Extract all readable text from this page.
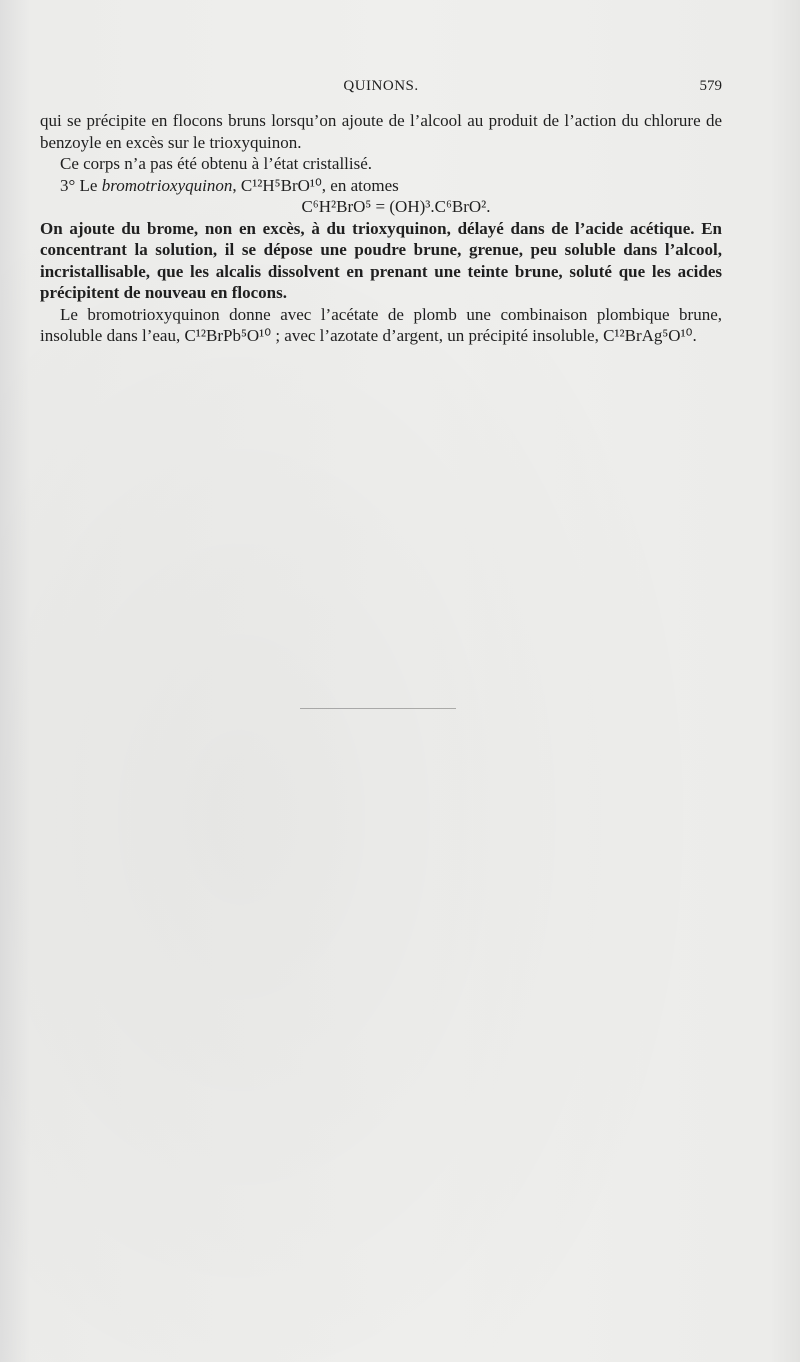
QUINONS.	579

qui se précipite en flocons bruns lorsqu’on ajoute de l’alcool au produit de l’action du chlorure de benzoyle en excès sur le trioxyquinon.

Ce corps n’a pas été obtenu à l’état cristallisé.

3° Le bromotrioxyquinon, C¹²H⁵BrO¹⁰, en atomes

C⁶H²BrO⁵ = (OH)³.C⁶BrO².

On ajoute du brome, non en excès, à du trioxyquinon, délayé dans de l’acide acétique. En concentrant la solution, il se dépose une poudre brune, grenue, peu soluble dans l’alcool, incristallisable, que les alcalis dissolvent en prenant une teinte brune, soluté que les acides précipitent de nouveau en flocons.

Le bromotrioxyquinon donne avec l’acétate de plomb une combinaison plombique brune, insoluble dans l’eau, C¹²BrPb⁵O¹⁰ ; avec l’azotate d’argent, un précipité insoluble, C¹²BrAg⁵O¹⁰.
